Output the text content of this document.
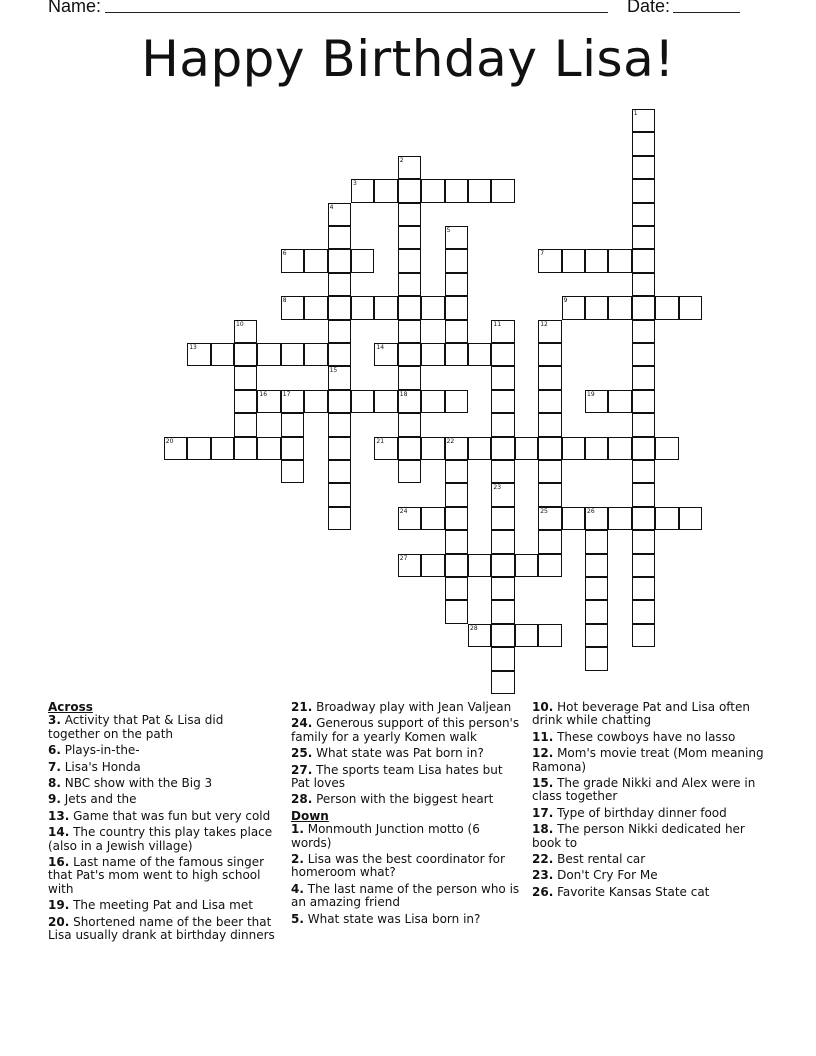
Name:	Date:
Happy Birthday Lisa!
3
6	7
8	9
13	14
16	17	18	19
20	21	22
24	25	26
27
28
1
2
4
5
10	11	12
15
23
Across
3. Activity that Pat & Lisa did together on the path
6. Plays-in-the-
7. Lisa's Honda
8. NBC show with the Big 3
9. Jets and the
13. Game that was fun but very cold
14. The country this play takes place (also in a Jewish village)
16. Last name of the famous singer that Pat's mom went to high school with
19. The meeting Pat and Lisa met
20. Shortened name of the beer that Lisa usually drank at birthday dinners
21. Broadway play with Jean Valjean
24. Generous support of this person's family for a yearly Komen walk
25. What state was Pat born in?
27. The sports team Lisa hates but Pat loves
28. Person with the biggest heart
Down
1. Monmouth Junction motto (6 words)
2. Lisa was the best coordinator for homeroom what?
4. The last name of the person who is an amazing friend
5. What state was Lisa born in?
10. Hot beverage Pat and Lisa often drink while chatting
11. These cowboys have no lasso
12. Mom's movie treat (Mom meaning Ramona)
15. The grade Nikki and Alex were in class together
17. Type of birthday dinner food
18. The person Nikki dedicated her book to
22. Best rental car
23. Don't Cry For Me
26. Favorite Kansas State cat
